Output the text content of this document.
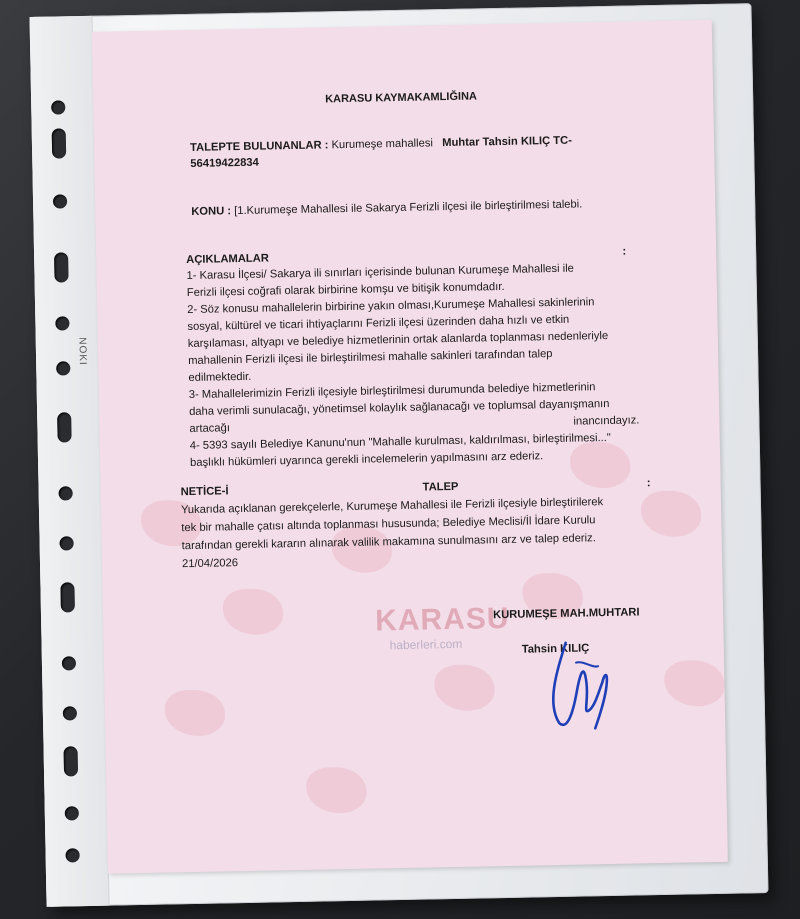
NOKI
KARASU
haberleri.com
KARASU KAYMAKAMLIĞINA
TALEPTE BULUNANLAR : Kurumeşe mahallesi Muhtar Tahsin KILIÇ TC-
56419422834
KONU : [1.Kurumeşe Mahallesi ile Sakarya Ferizli ilçesi ile birleştirilmesi talebi.
AÇIKLAMALAR
:
1- Karasu İlçesi/ Sakarya ili sınırları içerisinde bulunan Kurumeşe Mahallesi ile
Ferizli ilçesi coğrafi olarak birbirine komşu ve bitişik konumdadır.
2- Söz konusu mahallelerin birbirine yakın olması,Kurumeşe Mahallesi sakinlerinin
sosyal, kültürel ve ticari ihtiyaçlarını Ferizli ilçesi üzerinden daha hızlı ve etkin
karşılaması, altyapı ve belediye hizmetlerinin ortak alanlarda toplanması nedenleriyle
mahallenin Ferizli ilçesi ile birleştirilmesi mahalle sakinleri tarafından talep
edilmektedir.
3- Mahallelerimizin Ferizli ilçesiyle birleştirilmesi durumunda belediye hizmetlerinin
daha verimli sunulacağı, yönetimsel kolaylık sağlanacağı ve toplumsal dayanışmanın
artacağı
inancındayız.
4- 5393 sayılı Belediye Kanunu'nun "Mahalle kurulması, kaldırılması, birleştirilmesi..."
başlıklı hükümleri uyarınca gerekli incelemelerin yapılmasını arz ederiz.
NETİCE-İ	TALEP	:
Yukarıda açıklanan gerekçelerle, Kurumeşe Mahallesi ile Ferizli ilçesiyle birleştirilerek
tek bir mahalle çatısı altında toplanması hususunda; Belediye Meclisi/İl İdare Kurulu
tarafından gerekli kararın alınarak valilik makamına sunulmasını arz ve talep ederiz.
21/04/2026
KURUMEŞE MAH.MUHTARI
Tahsin KILIÇ
